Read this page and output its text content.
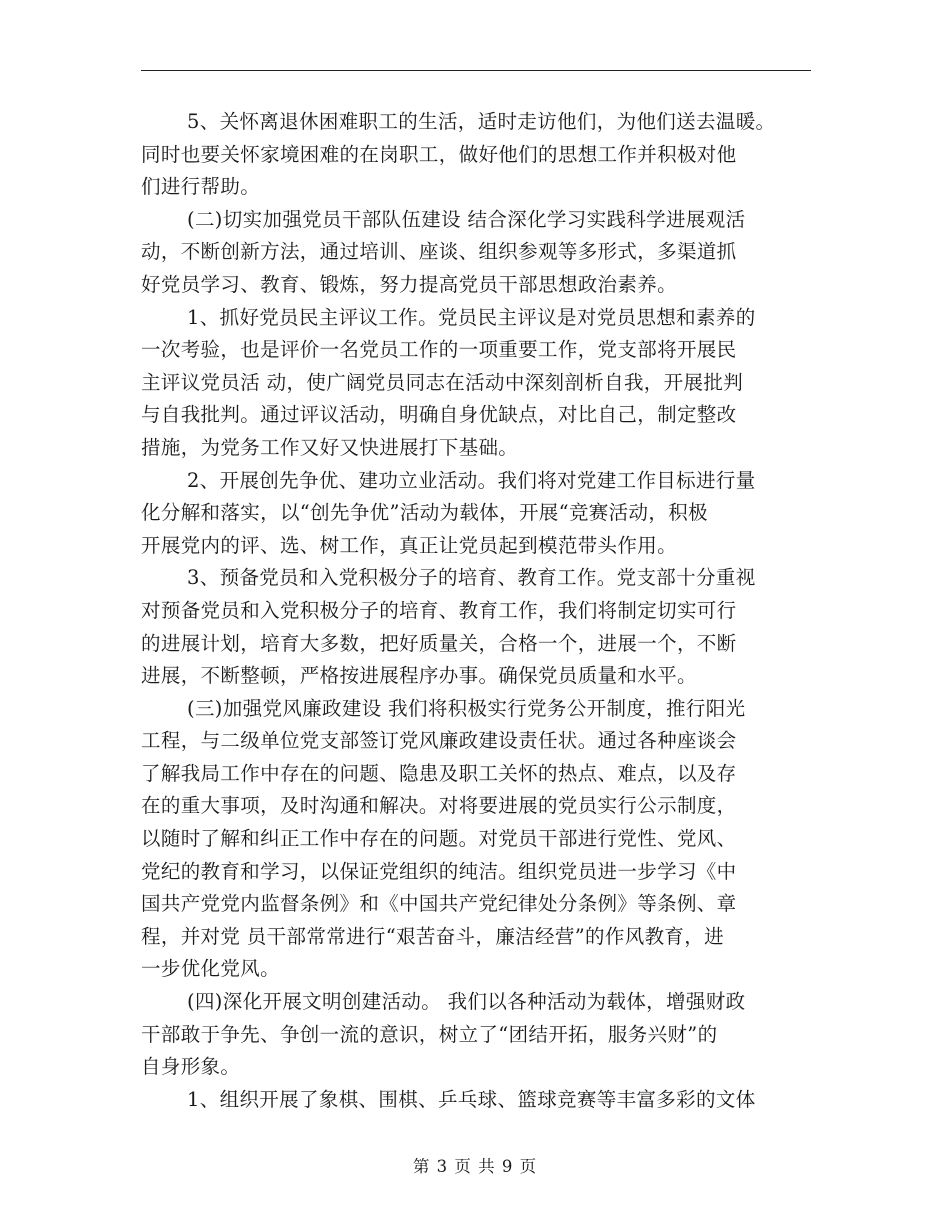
5、关怀离退休困难职工的生活，适时走访他们，为他们送去温暖。
同时也要关怀家境困难的在岗职工，做好他们的思想工作并积极对他
们进行帮助。
(二)切实加强党员干部队伍建设 结合深化学习实践科学进展观活
动，不断创新方法，通过培训、座谈、组织参观等多形式，多渠道抓
好党员学习、教育、锻炼，努力提高党员干部思想政治素养。
1、抓好党员民主评议工作。党员民主评议是对党员思想和素养的
一次考验，也是评价一名党员工作的一项重要工作，党支部将开展民
主评议党员活 动，使广阔党员同志在活动中深刻剖析自我，开展批判
与自我批判。通过评议活动，明确自身优缺点，对比自己，制定整改
措施，为党务工作又好又快进展打下基础。
2、开展创先争优、建功立业活动。我们将对党建工作目标进行量
化分解和落实，以“创先争优”活动为载体，开展“竞赛活动，积极
开展党内的评、选、树工作，真正让党员起到模范带头作用。
3、预备党员和入党积极分子的培育、教育工作。党支部十分重视
对预备党员和入党积极分子的培育、教育工作，我们将制定切实可行
的进展计划，培育大多数，把好质量关，合格一个，进展一个，不断
进展，不断整顿，严格按进展程序办事。确保党员质量和水平。
(三)加强党风廉政建设 我们将积极实行党务公开制度，推行阳光
工程，与二级单位党支部签订党风廉政建设责任状。通过各种座谈会
了解我局工作中存在的问题、隐患及职工关怀的热点、难点，以及存
在的重大事项，及时沟通和解决。对将要进展的党员实行公示制度，
以随时了解和纠正工作中存在的问题。对党员干部进行党性、党风、
党纪的教育和学习，以保证党组织的纯洁。组织党员进一步学习《中
国共产党党内监督条例》和《中国共产党纪律处分条例》等条例、章
程，并对党 员干部常常进行“艰苦奋斗，廉洁经营”的作风教育，进
一步优化党风。
(四)深化开展文明创建活动。 我们以各种活动为载体，增强财政
干部敢于争先、争创一流的意识，树立了“团结开拓，服务兴财”的
自身形象。
1、组织开展了象棋、围棋、乒乓球、篮球竞赛等丰富多彩的文体
第 3 页 共 9 页
